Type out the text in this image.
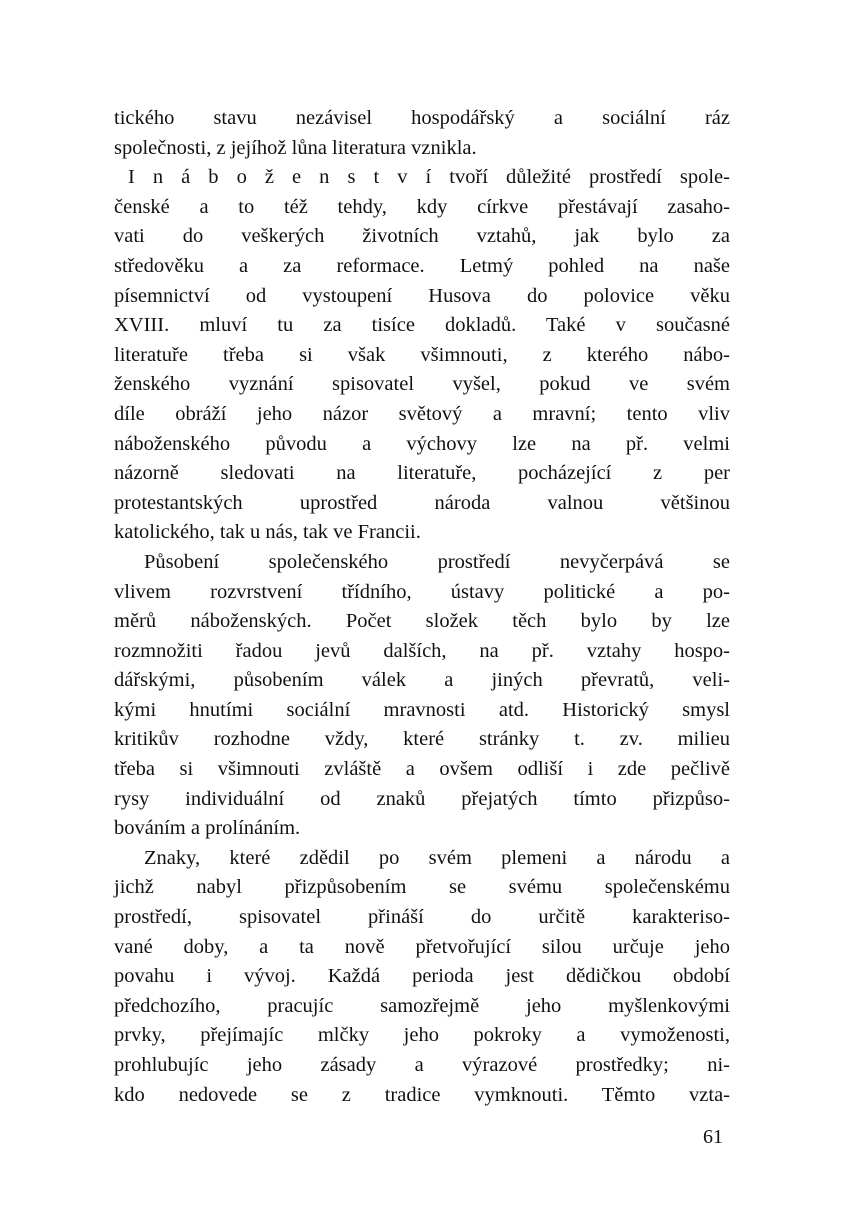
tického stavu nezávisel hospodářský a sociální ráz
společnosti, z jejíhož lůna literatura vznikla.
I n á b o ž e n s t v í tvoří důležité prostředí spole-
čenské a to též tehdy, kdy církve přestávají zasaho-
vati do veškerých životních vztahů, jak bylo za
středověku a za reformace. Letmý pohled na naše
písemnictví od vystoupení Husova do polovice věku
XVIII. mluví tu za tisíce dokladů. Také v současné
literatuře třeba si však všimnouti, z kterého nábo-
ženského vyznání spisovatel vyšel, pokud ve svém
díle obráží jeho názor světový a mravní; tento vliv
náboženského původu a výchovy lze na př. velmi
názorně sledovati na literatuře, pocházející z per
protestantských uprostřed národa valnou většinou
katolického, tak u nás, tak ve Francii.
Působení společenského prostředí nevyčerpává se
vlivem rozvrstvení třídního, ústavy politické a po-
měrů náboženských. Počet složek těch bylo by lze
rozmnožiti řadou jevů dalších, na př. vztahy hospo-
dářskými, působením válek a jiných převratů, veli-
kými hnutími sociální mravnosti atd. Historický smysl
kritikův rozhodne vždy, které stránky t. zv. milieu
třeba si všimnouti zvláště a ovšem odliší i zde pečlivě
rysy individuální od znaků přejatých tímto přizpůso-
bováním a prolínáním.
Znaky, které zdědil po svém plemeni a národu a
jichž nabyl přizpůsobením se svému společenskému
prostředí, spisovatel přináší do určitě karakteriso-
vané doby, a ta nově přetvořující silou určuje jeho
povahu i vývoj. Každá perioda jest dědičkou období
předchozího, pracujíc samozřejmě jeho myšlenkovými
prvky, přejímajíc mlčky jeho pokroky a vymoženosti,
prohlubujíc jeho zásady a výrazové prostředky; ni-
kdo nedovede se z tradice vymknouti. Těmto vzta-
61
